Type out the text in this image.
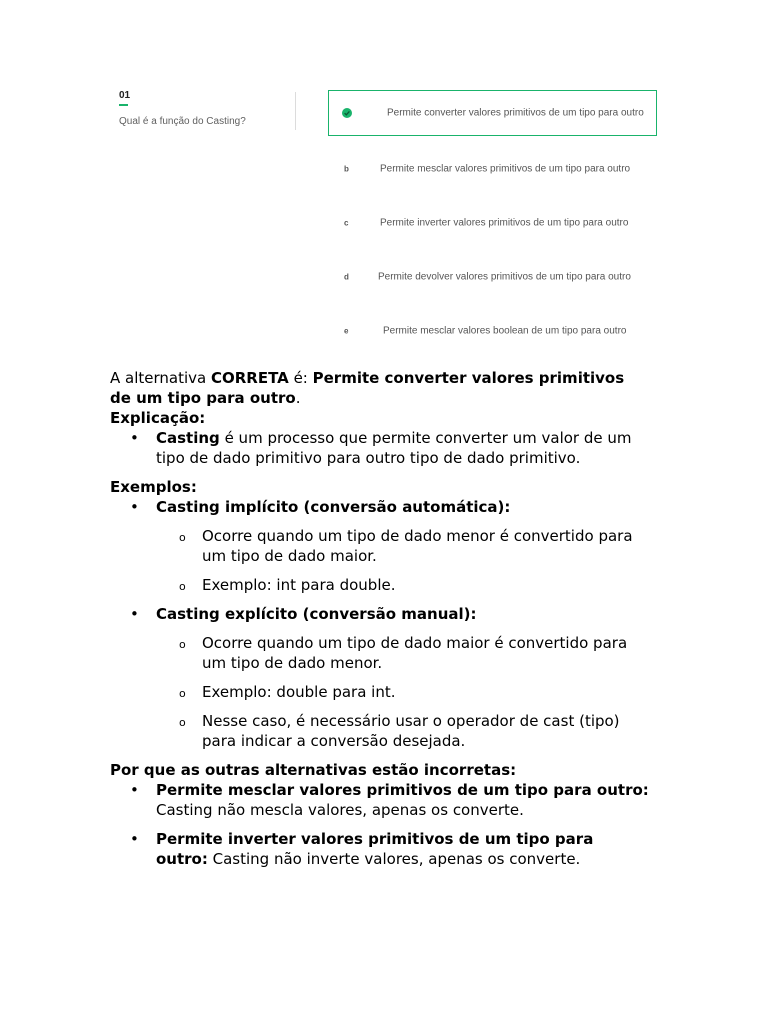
01
Qual é a função do Casting?
Permite converter valores primitivos de um tipo para outro
b	Permite mesclar valores primitivos de um tipo para outro
c	Permite inverter valores primitivos de um tipo para outro
d	Permite devolver valores primitivos de um tipo para outro
e	Permite mesclar valores boolean de um tipo para outro

A alternativa CORRETA é: Permite converter valores primitivos de um tipo para outro.

Explicação:

• Casting é um processo que permite converter um valor de um tipo de dado primitivo para outro tipo de dado primitivo.

Exemplos:

• Casting implícito (conversão automática):
o Ocorre quando um tipo de dado menor é convertido para um tipo de dado maior.
o Exemplo: int para double.
• Casting explícito (conversão manual):
o Ocorre quando um tipo de dado maior é convertido para um tipo de dado menor.
o Exemplo: double para int.
o Nesse caso, é necessário usar o operador de cast (tipo) para indicar a conversão desejada.

Por que as outras alternativas estão incorretas:

• Permite mesclar valores primitivos de um tipo para outro: Casting não mescla valores, apenas os converte.
• Permite inverter valores primitivos de um tipo para outro: Casting não inverte valores, apenas os converte.
